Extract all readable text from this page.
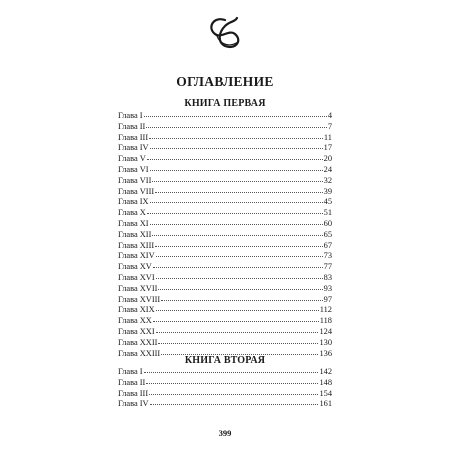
ОГЛАВЛЕНИЕ
КНИГА ПЕРВАЯ
Глава I	4
Глава II	7
Глава III	11
Глава IV	17
Глава V	20
Глава VI	24
Глава VII	32
Глава VIII	39
Глава IX	45
Глава X	51
Глава XI	60
Глава XII	65
Глава XIII	67
Глава XIV	73
Глава XV	77
Глава XVI	83
Глава XVII	93
Глава XVIII	97
Глава XIX	112
Глава XX	118
Глава XXI	124
Глава XXII	130
Глава XXIII	136
КНИГА ВТОРАЯ
Глава I	142
Глава II	148
Глава III	154
Глава IV	161
399
